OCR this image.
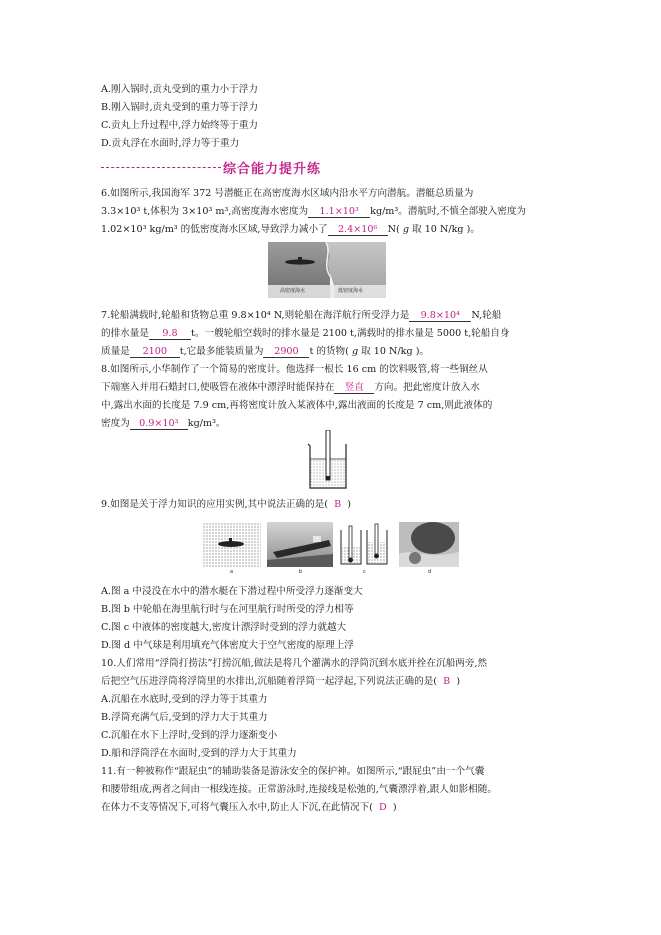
A.刚入锅时,贡丸受到的重力小于浮力
B.刚入锅时,贡丸受到的重力等于浮力
C.贡丸上升过程中,浮力始终等于重力
D.贡丸浮在水面时,浮力等于重力
综合能力提升练
6.如图所示,我国海军 372 号潜艇正在高密度海水区域内沿水平方向潜航。潜艇总质量为
3.3×10³ t,体积为 3×10³ m³,高密度海水密度为 1.1×10³ kg/m³。潜航时,不慎全部驶入密度为
1.02×10³ kg/m³ 的低密度海水区域,导致浮力减小了 2.4×10⁶ N( g 取 10 N/kg )。
高密度海水	低密度海水
7.轮船满载时,轮船和货物总重 9.8×10⁴ N,则轮船在海洋航行所受浮力是 9.8×10⁴ N,轮船
的排水量是 9.8 t。一艘轮船空载时的排水量是 2100 t,满载时的排水量是 5000 t,轮船自身
质量是 2100 t,它最多能装质量为 2900 t 的货物( g 取 10 N/kg )。
8.如图所示,小华制作了一个简易的密度计。他选择一根长 16 cm 的饮料吸管,将一些铜丝从
下端塞入并用石蜡封口,使吸管在液体中漂浮时能保持在 竖直 方向。把此密度计放入水
中,露出水面的长度是 7.9 cm,再将密度计放入某液体中,露出液面的长度是 7 cm,则此液体的
密度为 0.9×10³ kg/m³。
9.如图是关于浮力知识的应用实例,其中说法正确的是( B )
a	b	c	d
A.图 a 中浸没在水中的潜水艇在下潜过程中所受浮力逐渐变大
B.图 b 中轮船在海里航行时与在河里航行时所受的浮力相等
C.图 c 中液体的密度越大,密度计漂浮时受到的浮力就越大
D.图 d 中气球是利用填充气体密度大于空气密度的原理上浮
10.人们常用“浮筒打捞法”打捞沉船,做法是将几个灌满水的浮筒沉到水底并拴在沉船两旁,然
后把空气压进浮筒将浮筒里的水排出,沉船随着浮筒一起浮起,下列说法正确的是( B )
A.沉船在水底时,受到的浮力等于其重力
B.浮筒充满气后,受到的浮力大于其重力
C.沉船在水下上浮时,受到的浮力逐渐变小
D.船和浮筒浮在水面时,受到的浮力大于其重力
11.有一种被称作“跟屁虫”的辅助装备是游泳安全的保护神。如图所示,“跟屁虫”由一个气囊
和腰带组成,两者之间由一根线连接。正常游泳时,连接线是松弛的,气囊漂浮着,跟人如影相随。
在体力不支等情况下,可将气囊压入水中,防止人下沉,在此情况下( D )
